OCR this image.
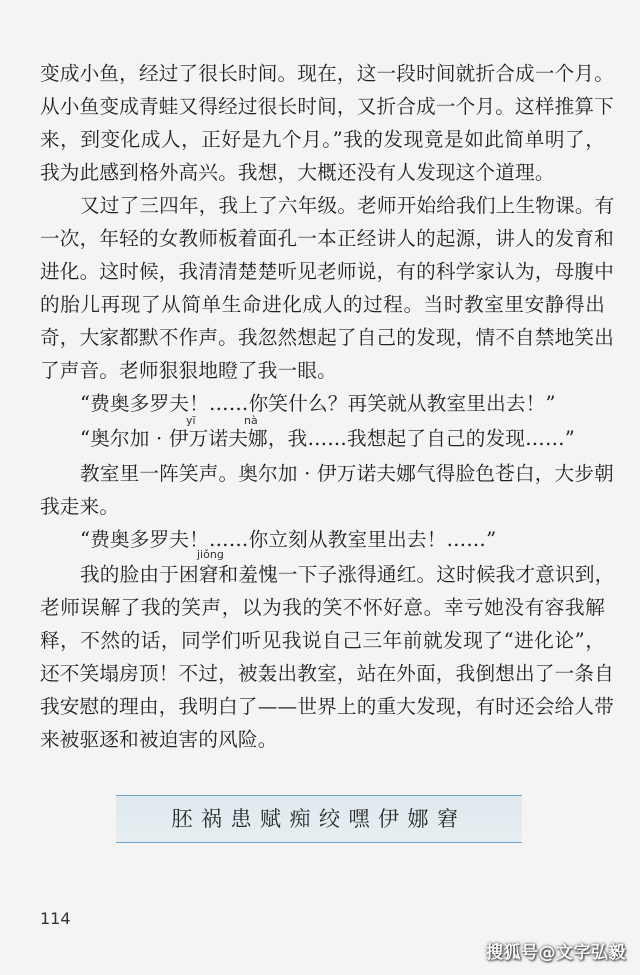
变成小鱼，经过了很长时间。现在，这一段时间就折合成一个月。
从小鱼变成青蛙又得经过很长时间，又折合成一个月。这样推算下
来，到变化成人，正好是九个月。”我的发现竟是如此简单明了，
我为此感到格外高兴。我想，大概还没有人发现这个道理。
又过了三四年，我上了六年级。老师开始给我们上生物课。有
一次，年轻的女教师板着面孔一本正经讲人的起源，讲人的发育和
进化。这时候，我清清楚楚听见老师说，有的科学家认为，母腹中
的胎儿再现了从简单生命进化成人的过程。当时教室里安静得出
奇，大家都默不作声。我忽然想起了自己的发现，情不自禁地笑出
了声音。老师狠狠地瞪了我一眼。
“费奥多罗夫！……你笑什么？再笑就从教室里出去！”
yī	nà
“奥尔加 · 伊万诺夫娜，我……我想起了自己的发现……”
教室里一阵笑声。奥尔加 · 伊万诺夫娜气得脸色苍白，大步朝
我走来。
“费奥多罗夫！……你立刻从教室里出去！……”
jiǒng
我的脸由于困窘和羞愧一下子涨得通红。这时候我才意识到，
老师误解了我的笑声，以为我的笑不怀好意。幸亏她没有容我解
释，不然的话，同学们听见我说自己三年前就发现了“进化论”，
还不笑塌房顶！不过，被轰出教室，站在外面，我倒想出了一条自
我安慰的理由，我明白了——世界上的重大发现，有时还会给人带
来被驱逐和被迫害的风险。
胚祸患赋痴绞嘿伊娜窘
114
搜狐号@文字弘毅
